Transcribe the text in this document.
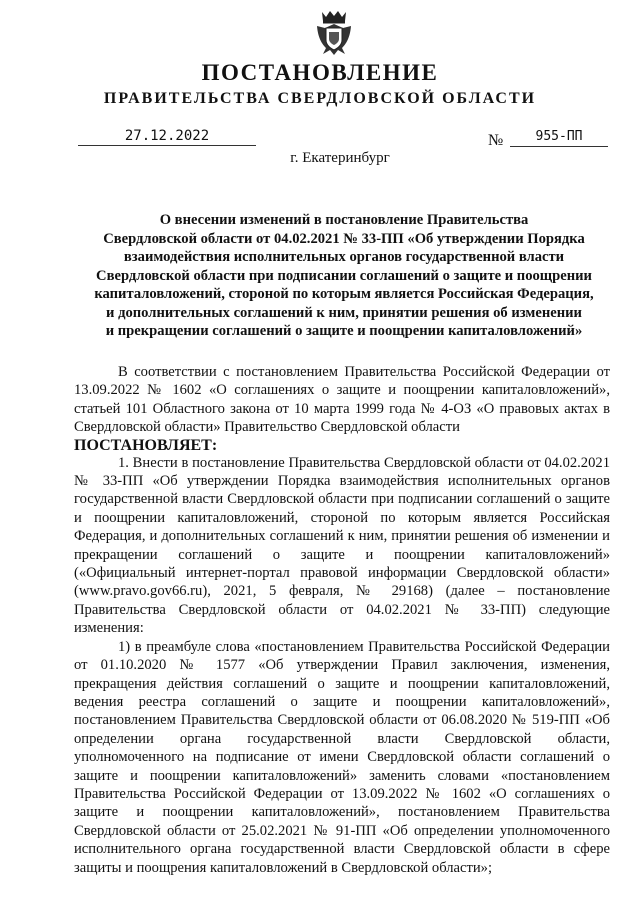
ПОСТАНОВЛЕНИЕ
ПРАВИТЕЛЬСТВА СВЕРДЛОВСКОЙ ОБЛАСТИ
27.12.2022	№	955-ПП
г. Екатеринбург
О внесении изменений в постановление Правительства
Свердловской области от 04.02.2021 № 33-ПП «Об утверждении Порядка
взаимодействия исполнительных органов государственной власти
Свердловской области при подписании соглашений о защите и поощрении
капиталовложений, стороной по которым является Российская Федерация,
и дополнительных соглашений к ним, принятии решения об изменении
и прекращении соглашений о защите и поощрении капиталовложений»

В соответствии с постановлением Правительства Российской Федерации от 13.09.2022 № 1602 «О соглашениях о защите и поощрении капиталовложений», статьей 101 Областного закона от 10 марта 1999 года № 4-ОЗ «О правовых актах в Свердловской области» Правительство Свердловской области

ПОСТАНОВЛЯЕТ:

1. Внести в постановление Правительства Свердловской области от 04.02.2021 № 33-ПП «Об утверждении Порядка взаимодействия исполнительных органов государственной власти Свердловской области при подписании соглашений о защите и поощрении капиталовложений, стороной по которым является Российская Федерация, и дополнительных соглашений к ним, принятии решения об изменении и прекращении соглашений о защите и поощрении капиталовложений» («Официальный интернет-портал правовой информации Свердловской области» (www.pravo.gov66.ru), 2021, 5 февраля, № 29168) (далее – постановление Правительства Свердловской области от 04.02.2021 № 33-ПП) следующие изменения:

1) в преамбуле слова «постановлением Правительства Российской Федерации от 01.10.2020 № 1577 «Об утверждении Правил заключения, изменения, прекращения действия соглашений о защите и поощрении капиталовложений, ведения реестра соглашений о защите и поощрении капиталовложений», постановлением Правительства Свердловской области от 06.08.2020 № 519-ПП «Об определении органа государственной власти Свердловской области, уполномоченного на подписание от имени Свердловской области соглашений о защите и поощрении капиталовложений» заменить словами «постановлением Правительства Российской Федерации от 13.09.2022 № 1602 «О соглашениях о защите и поощрении капиталовложений», постановлением Правительства Свердловской области от 25.02.2021 № 91-ПП «Об определении уполномоченного исполнительного органа государственной власти Свердловской области в сфере защиты и поощрения капиталовложений в Свердловской области»;
